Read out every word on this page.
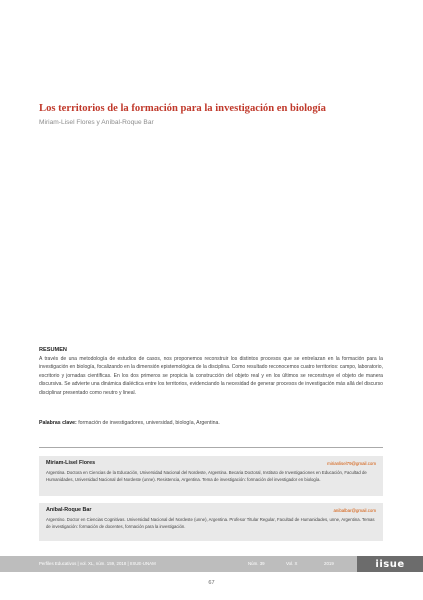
Los territorios de la formación para la investigación en biología
Miriam-Lisel Flores y Aníbal-Roque Bar
RESUMEN
A través de una metodología de estudios de casos, nos proponemos reconstruir los distintos procesos que se entrelazan en la formación para la investigación en biología, focalizando en la dimensión epistemológica de la disciplina. Como resultado reconocemos cuatro territorios: campo, laboratorio, escritorio y jornadas científicas. En los dos primeros se propicia la construcción del objeto real y en los últimos se reconstruye el objeto de manera discursiva. Se advierte una dinámica dialéctica entre los territorios, evidenciando la necesidad de generar procesos de investigación más allá del discurso disciplinar presentado como neutro y lineal.
Palabras clave: formación de investigadores, universidad, biología, Argentina.
Miriam-Lisel Flores	mirianlisel79@gmail.com
Argentina. Doctora en Ciencias de la Educación, Universidad Nacional del Nordeste, Argentina. Becaria Doctoral, Instituto de Investigaciones en Educación, Facultad de Humanidades, Universidad Nacional del Nordeste (unne). Resistencia, Argentina. Tema de investigación: formación del investigador en biología.
Aníbal-Roque Bar	anibalbar@gmail.com
Argentino. Doctor en Ciencias Cognitivas. Universidad Nacional del Nordeste (unne), Argentina. Profesor Titular Regular, Facultad de Humanidades, unne, Argentina. Temas de investigación: formación de docentes, formación para la investigación.
Perfiles Educativos | vol. XL, núm. 159, 2018 | IISUE-UNAM	Núm. 39	Vol. X	2019	iisue
67
